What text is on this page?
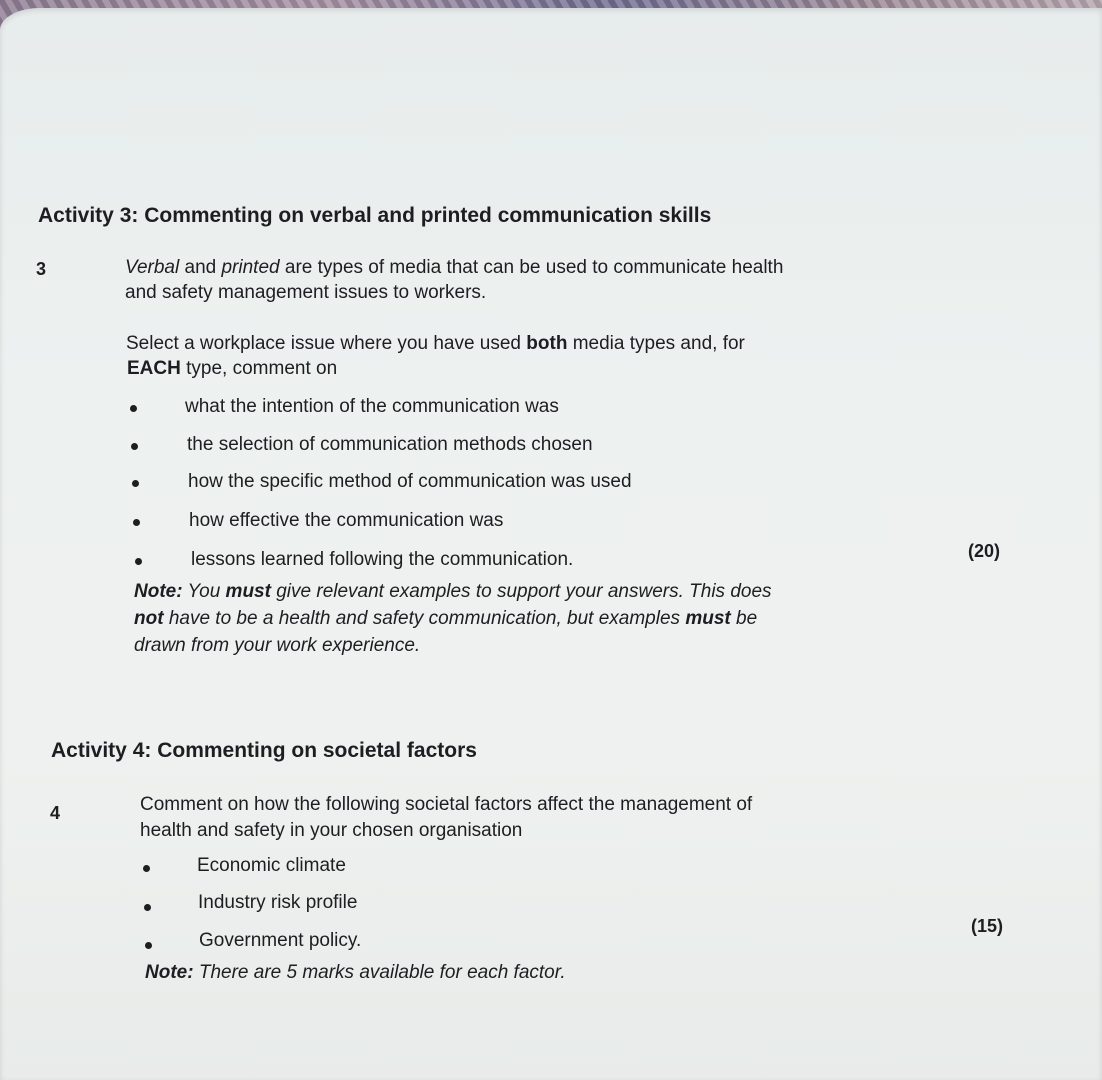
Activity 3: Commenting on verbal and printed communication skills
3	Verbal and printed are types of media that can be used to communicate health
and safety management issues to workers.
Select a workplace issue where you have used both media types and, for
EACH type, comment on
what the intention of the communication was
the selection of communication methods chosen
how the specific method of communication was used
how effective the communication was
lessons learned following the communication.	(20)
Note: You must give relevant examples to support your answers. This does
not have to be a health and safety communication, but examples must be
drawn from your work experience.
Activity 4: Commenting on societal factors
4	Comment on how the following societal factors affect the management of
health and safety in your chosen organisation
Economic climate
Industry risk profile
Government policy.
(15)
Note: There are 5 marks available for each factor.
